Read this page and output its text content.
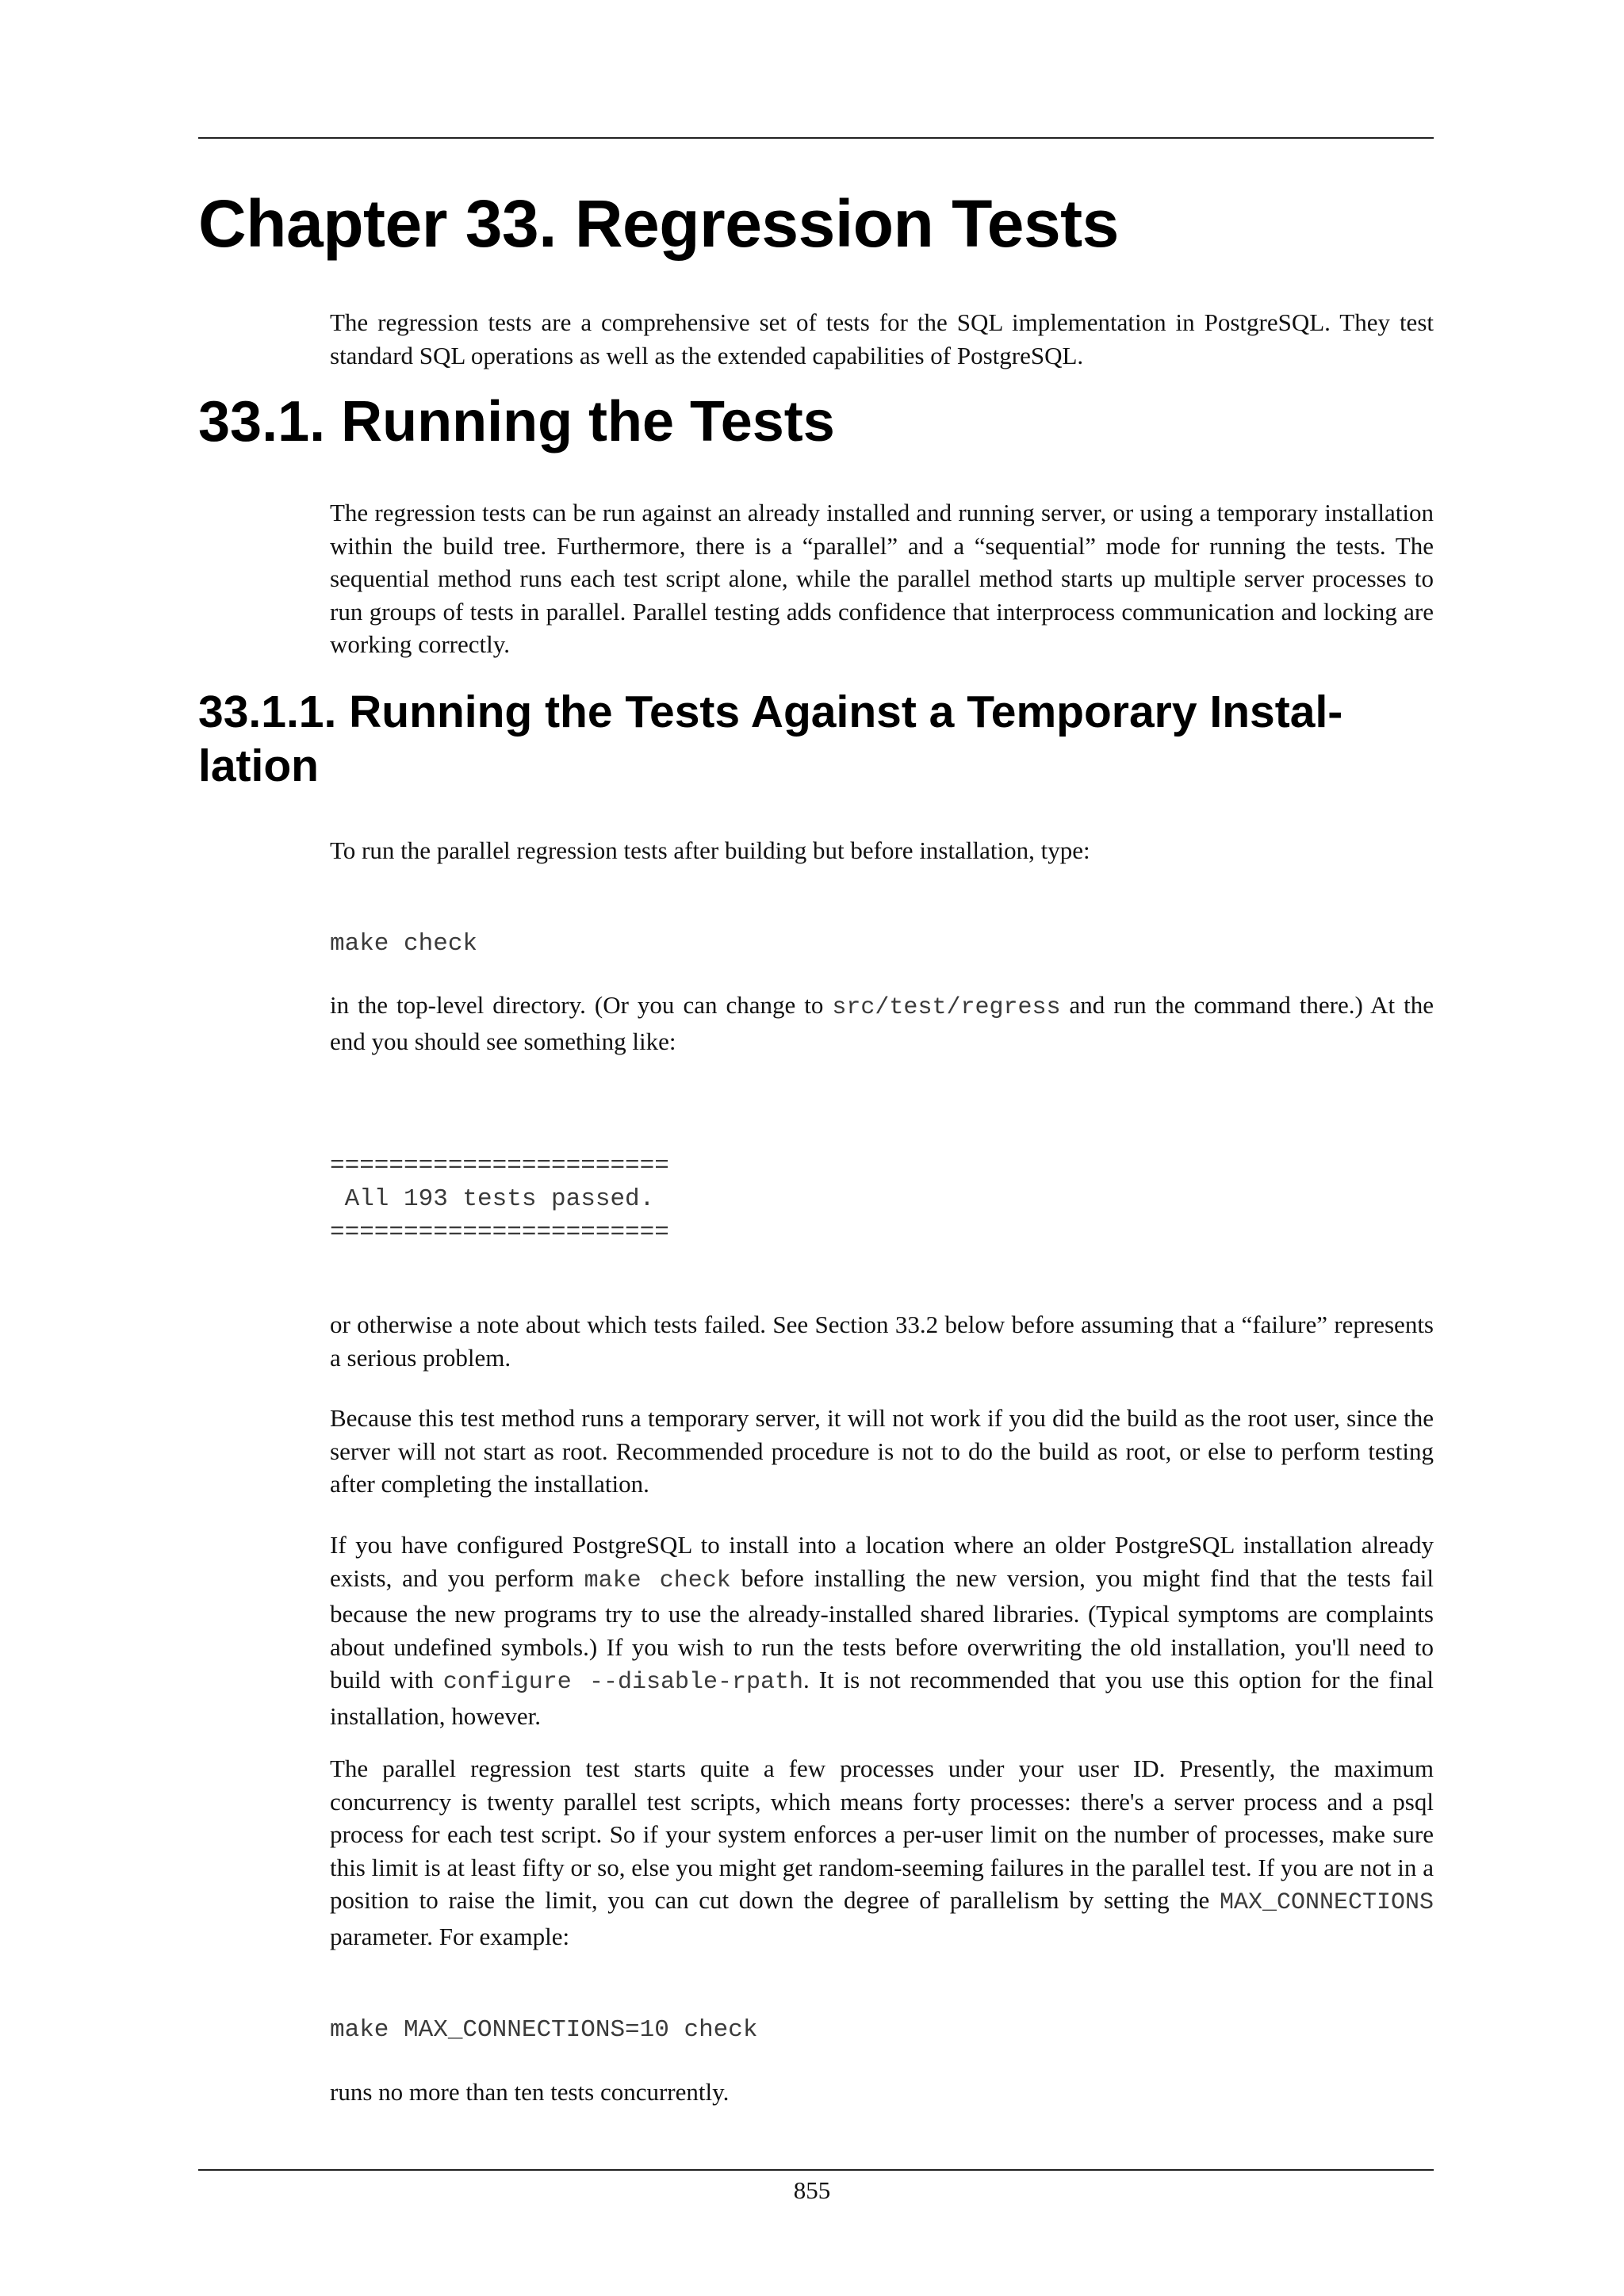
Chapter 33. Regression Tests

The regression tests are a comprehensive set of tests for the SQL implementation in PostgreSQL. They test standard SQL operations as well as the extended capabilities of PostgreSQL.

33.1. Running the Tests

The regression tests can be run against an already installed and running server, or using a temporary installation within the build tree. Furthermore, there is a “parallel” and a “sequential” mode for running the tests. The sequential method runs each test script alone, while the parallel method starts up multiple server processes to run groups of tests in parallel. Parallel testing adds confidence that interprocess communication and locking are working correctly.

33.1.1. Running the Tests Against a Temporary Instal-
lation

To run the parallel regression tests after building but before installation, type:

make check

in the top-level directory. (Or you can change to src/test/regress and run the command there.) At the end you should see something like:

=======================
All 193 tests passed.
=======================

or otherwise a note about which tests failed. See Section 33.2 below before assuming that a “failure” represents a serious problem.

Because this test method runs a temporary server, it will not work if you did the build as the root user, since the server will not start as root. Recommended procedure is not to do the build as root, or else to perform testing after completing the installation.

If you have configured PostgreSQL to install into a location where an older PostgreSQL installation already exists, and you perform make check before installing the new version, you might find that the tests fail because the new programs try to use the already-installed shared libraries. (Typical symptoms are complaints about undefined symbols.) If you wish to run the tests before overwriting the old installation, you'll need to build with configure --disable-rpath. It is not recommended that you use this option for the final installation, however.

The parallel regression test starts quite a few processes under your user ID. Presently, the maximum concurrency is twenty parallel test scripts, which means forty processes: there's a server process and a psql process for each test script. So if your system enforces a per-user limit on the number of processes, make sure this limit is at least fifty or so, else you might get random-seeming failures in the parallel test. If you are not in a position to raise the limit, you can cut down the degree of parallelism by setting the MAX_CONNECTIONS parameter. For example:

make MAX_CONNECTIONS=10 check

runs no more than ten tests concurrently.

855
